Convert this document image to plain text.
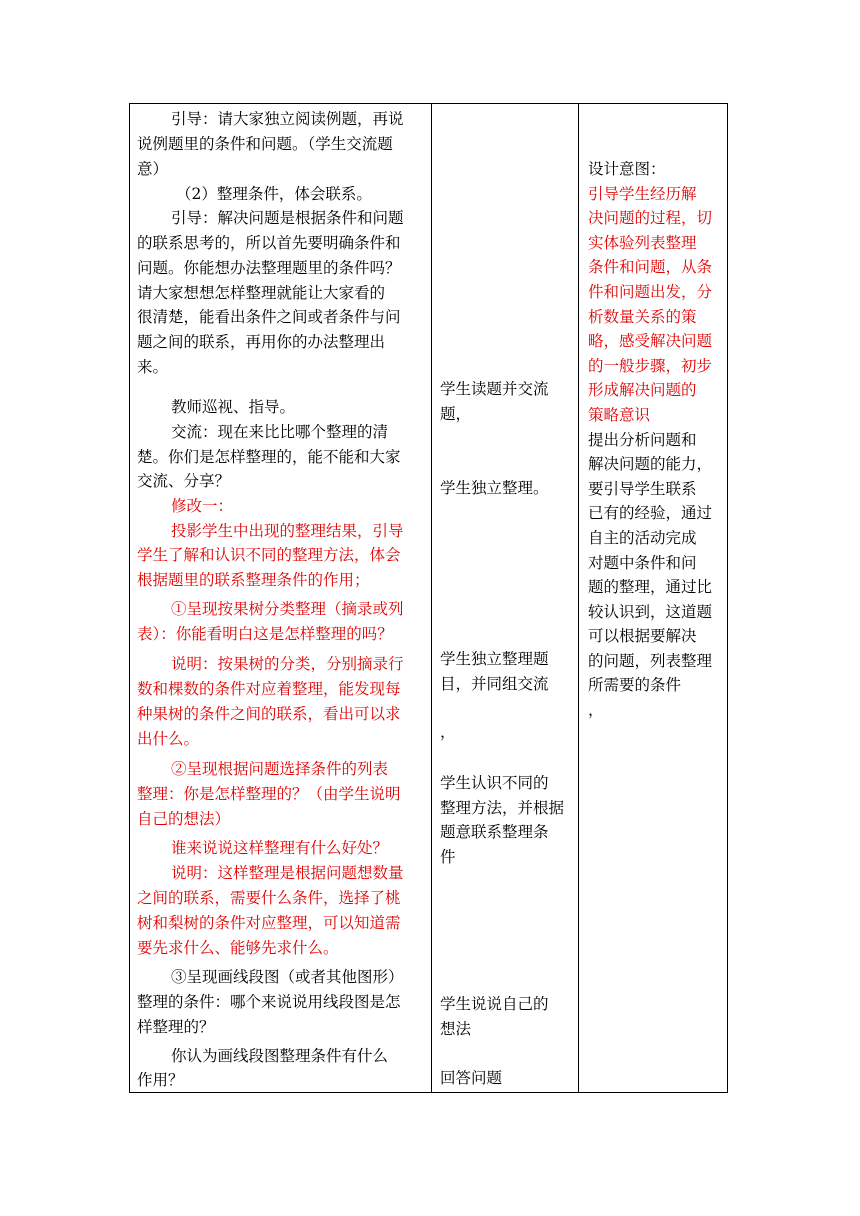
引导：请大家独立阅读例题，再说
说例题里的条件和问题。（学生交流题
意）
（2）整理条件，体会联系。
引导：解决问题是根据条件和问题
的联系思考的，所以首先要明确条件和
问题。你能想办法整理题里的条件吗？
请大家想想怎样整理就能让大家看的
很清楚，能看出条件之间或者条件与问
题之间的联系，再用你的办法整理出
来。
教师巡视、指导。
交流：现在来比比哪个整理的清
楚。你们是怎样整理的，能不能和大家
交流、分享？
修改一：
投影学生中出现的整理结果，引导
学生了解和认识不同的整理方法，体会
根据题里的联系整理条件的作用；
①呈现按果树分类整理（摘录或列
表）：你能看明白这是怎样整理的吗？
说明：按果树的分类，分别摘录行
数和棵数的条件对应着整理，能发现每
种果树的条件之间的联系，看出可以求
出什么。
②呈现根据问题选择条件的列表
整理：你是怎样整理的？（由学生说明
自己的想法）
谁来说说这样整理有什么好处？
说明：这样整理是根据问题想数量
之间的联系，需要什么条件，选择了桃
树和梨树的条件对应整理，可以知道需
要先求什么、能够先求什么。
③呈现画线段图（或者其他图形）
整理的条件：哪个来说说用线段图是怎
样整理的？
你认为画线段图整理条件有什么
作用？
学生读题并交流
题，
学生独立整理。
学生独立整理题
目，并同组交流
，
学生认识不同的
整理方法，并根据
题意联系整理条
件
学生说说自己的
想法
回答问题
设计意图：
引导学生经历解
决问题的过程，切
实体验列表整理
条件和问题，从条
件和问题出发，分
析数量关系的策
略，感受解决问题
的一般步骤，初步
形成解决问题的
策略意识
提出分析问题和
解决问题的能力，
要引导学生联系
已有的经验，通过
自主的活动完成
对题中条件和问
题的整理，通过比
较认识到，这道题
可以根据要解决
的问题，列表整理
所需要的条件
，
